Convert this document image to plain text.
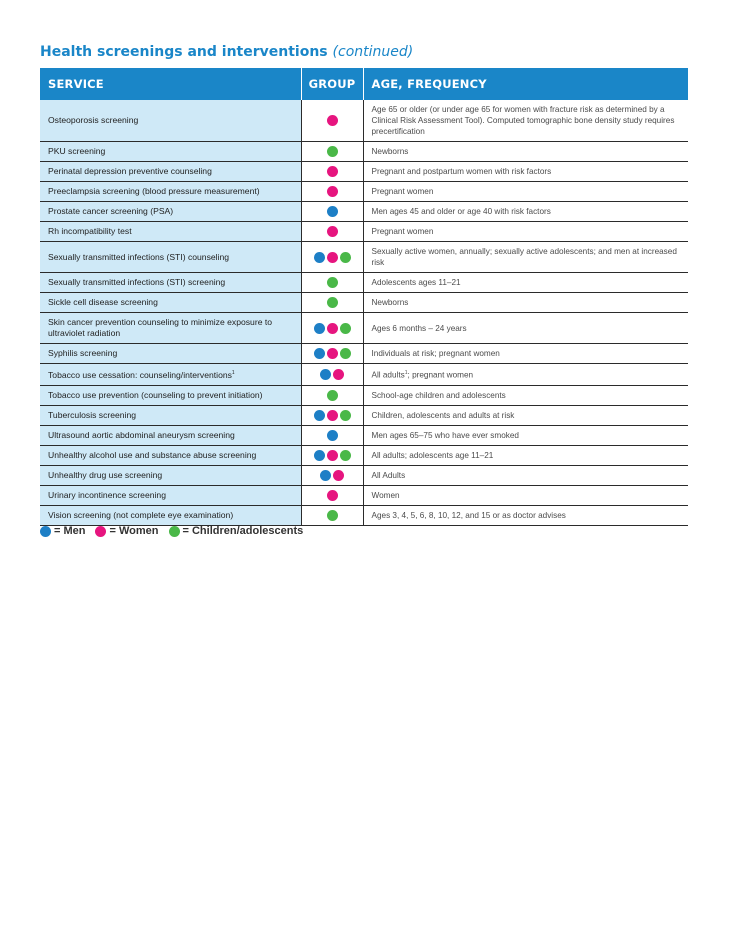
Health screenings and interventions (continued)
SERVICE	GROUP	AGE, FREQUENCY
Osteoporosis screening		Age 65 or older (or under age 65 for women with fracture risk as determined by a Clinical Risk Assessment Tool). Computed tomographic bone density study requires precertification
PKU screening		Newborns
Perinatal depression preventive counseling		Pregnant and postpartum women with risk factors
Preeclampsia screening (blood pressure measurement)		Pregnant women
Prostate cancer screening (PSA)		Men ages 45 and older or age 40 with risk factors
Rh incompatibility test		Pregnant women
Sexually transmitted infections (STI) counseling		Sexually active women, annually; sexually active adolescents; and men at increased risk
Sexually transmitted infections (STI) screening		Adolescents ages 11–21
Sickle cell disease screening		Newborns
Skin cancer prevention counseling to minimize exposure to ultraviolet radiation		Ages 6 months – 24 years
Syphilis screening		Individuals at risk; pregnant women
Tobacco use cessation: counseling/interventions$^1$		All adults$^1$; pregnant women
Tobacco use prevention (counseling to prevent initiation)		School-age children and adolescents
Tuberculosis screening		Children, adolescents and adults at risk
Ultrasound aortic abdominal aneurysm screening		Men ages 65–75 who have ever smoked
Unhealthy alcohol use and substance abuse screening		All adults; adolescents age 11–21
Unhealthy drug use screening		All Adults
Urinary incontinence screening		Women
Vision screening (not complete eye examination)		Ages 3, 4, 5, 6, 8, 10, 12, and 15 or as doctor advises
= Men = Women = Children/adolescents
